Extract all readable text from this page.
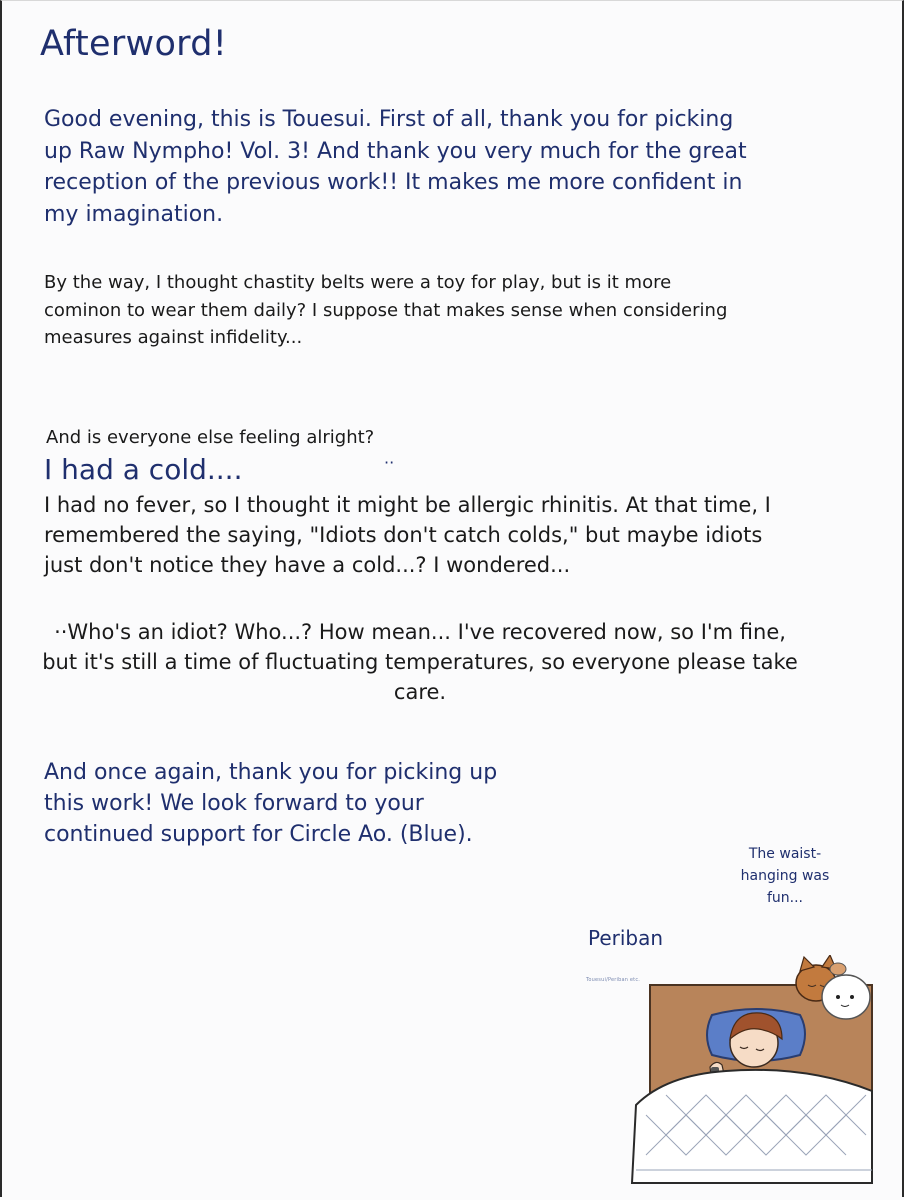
Afterword!

Good evening, this is Touesui. First of all, thank you for picking up Raw Nympho! Vol. 3! And thank you very much for the great reception of the previous work!! It makes me more confident in my imagination.

By the way, I thought chastity belts were a toy for play, but is it more cominon to wear them daily? I suppose that makes sense when considering measures against infidelity...

And is everyone else feeling alright?

I had a cold....	··

I had no fever, so I thought it might be allergic rhinitis. At that time, I remembered the saying, "Idiots don't catch colds," but maybe idiots just don't notice they have a cold...? I wondered...

··Who's an idiot? Who...? How mean... I've recovered now, so I'm fine, but it's still a time of fluctuating temperatures, so everyone please take care.

And once again, thank you for picking up this work! We look forward to your continued support for Circle Ao. (Blue).

The waist-hanging was fun...
Periban
Touesui/Periban etc.
